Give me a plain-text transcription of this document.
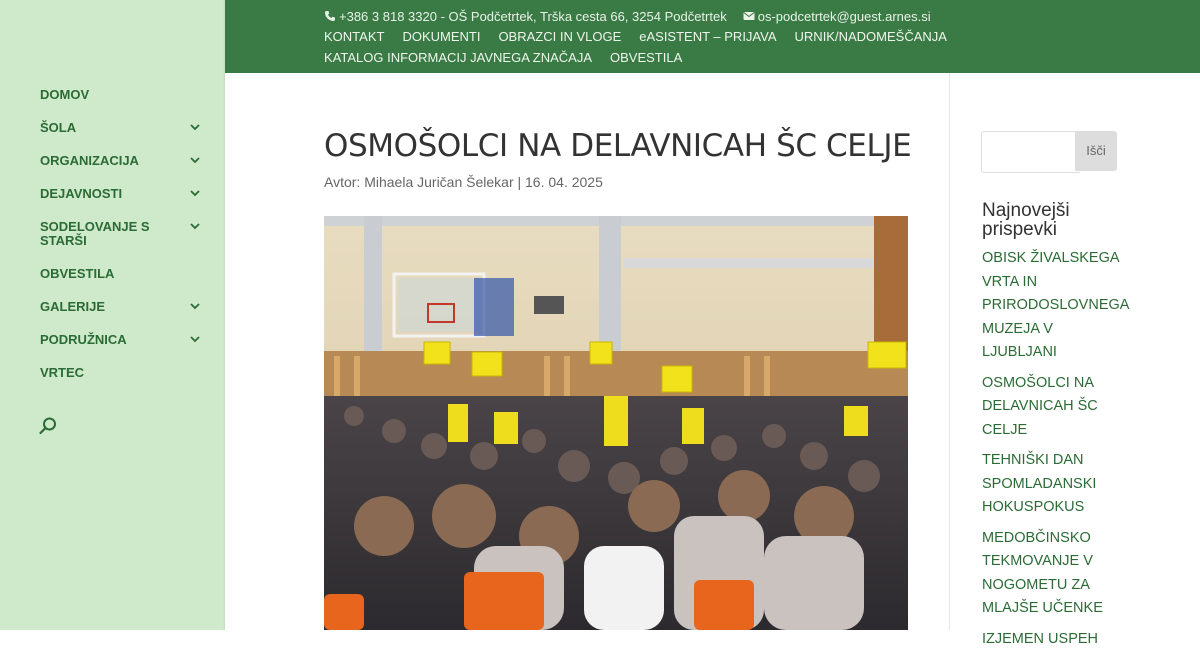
DOMOV
ŠOLA
ORGANIZACIJA
DEJAVNOSTI
SODELOVANJE S STARŠI
OBVESTILA
GALERIJE
PODRUŽNICA
VRTEC
+386 3 818 3320 - OŠ Podčetrtek, Trška cesta 66, 3254 Podčetrtek os-podcetrtek@guest.arnes.si
KONTAKT DOKUMENTI OBRAZCI IN VLOGE eASISTENT – PRIJAVA URNIK/NADOMEŠČANJA
KATALOG INFORMACIJ JAVNEGA ZNAČAJA OBVESTILA
OSMOŠOLCI NA DELAVNICAH ŠC CELJE
Avtor: Mihaela Juričan Šelekar | 16. 04. 2025
Išči
Najnovejši prispevki
OBISK ŽIVALSKEGA VRTA IN PRIRODOSLOVNEGA MUZEJA V LJUBLJANI
OSMOŠOLCI NA DELAVNICAH ŠC CELJE
TEHNIŠKI DAN SPOMLADANSKI HOKUSPOKUS
MEDOBČINSKO TEKMOVANJE V NOGOMETU ZA MLAJŠE UČENKE
IZJEMEN USPEH
